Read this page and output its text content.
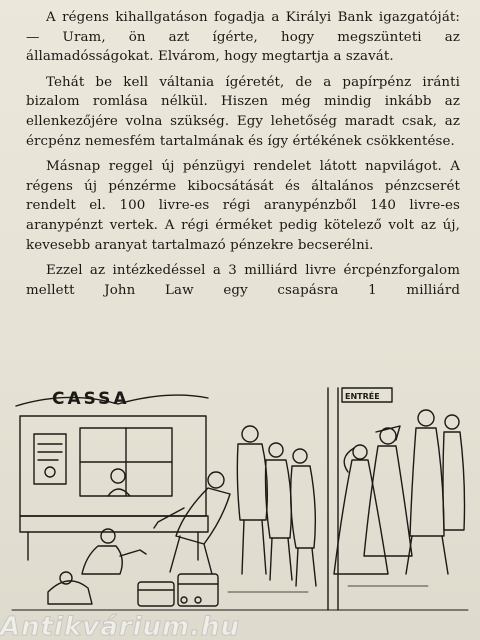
A régens kihallgatáson fogadja a Királyi Bank igazgatóját: — Uram, ön azt ígérte, hogy megszünteti az államadósságokat. Elvárom, hogy megtartja a szavát.

Tehát be kell váltania ígéretét, de a papírpénz iránti bizalom romlása nélkül. Hiszen még mindig inkább az ellenkezőjére volna szükség. Egy lehetőség maradt csak, az ércpénz nemesfém tartalmának és így értékének csökkentése.

Másnap reggel új pénzügyi rendelet látott napvilágot. A régens új pénzérme kibocsátását és általános pénzcserét rendelt el. 100 livre-es régi aranypénzből 140 livre-es aranypénzt vertek. A régi érméket pedig kötelező volt az új, kevesebb aranyat tartalmazó pénzekre becserélni.

Ezzel az intézkedéssel a 3 milliárd livre ércpénzforgalom mellett John Law egy csapásra 1 milliárd

CASSA	ENTRÉE
Antikvárium.hu
